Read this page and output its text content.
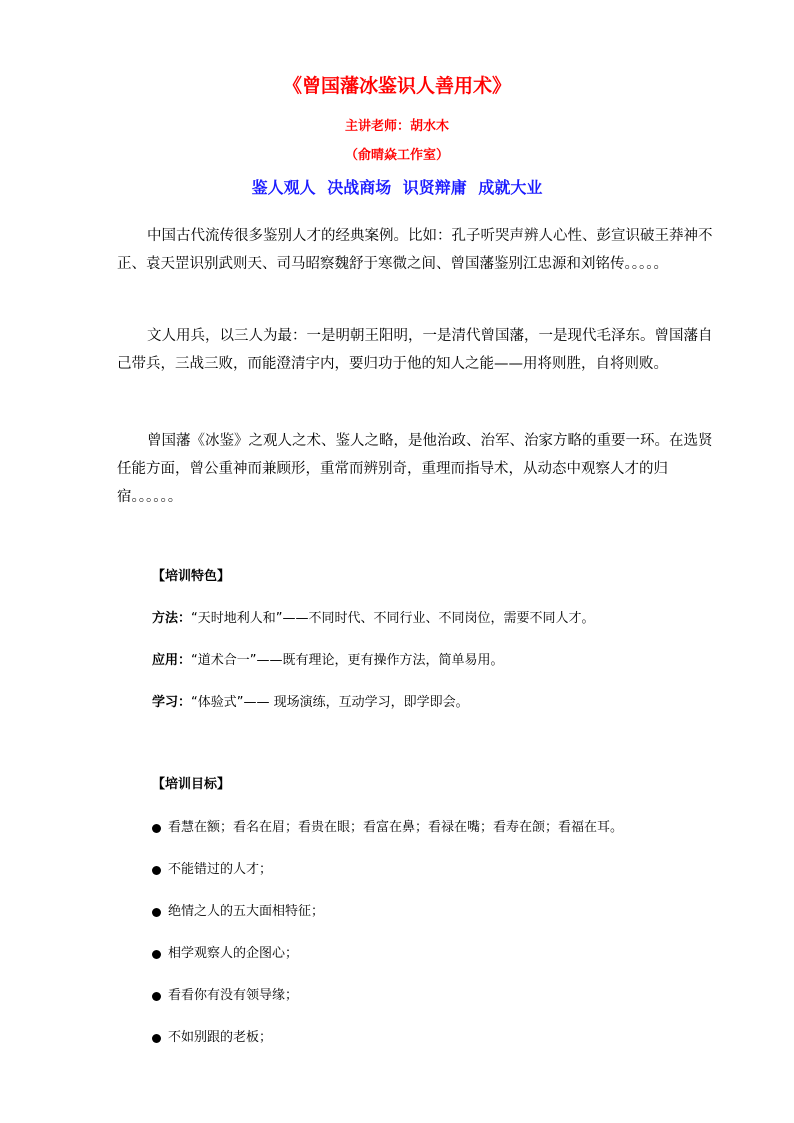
《曾国藩冰鉴识人善用术》
主讲老师：胡水木
（俞晴焱工作室）
鉴人观人 决战商场 识贤辩庸 成就大业

中国古代流传很多鉴别人才的经典案例。比如：孔子听哭声辨人心性、彭宣识破王莽神不正、袁天罡识别武则天、司马昭察魏舒于寒微之间、曾国藩鉴别江忠源和刘铭传。。。。。

文人用兵，以三人为最：一是明朝王阳明，一是清代曾国藩，一是现代毛泽东。曾国藩自己带兵，三战三败，而能澄清宇内，要归功于他的知人之能——用将则胜，自将则败。

曾国藩《冰鉴》之观人之术、鉴人之略，是他治政、治军、治家方略的重要一环。在选贤任能方面，曾公重神而兼顾形，重常而辨别奇，重理而指导术，从动态中观察人才的归宿。。。。。。

【培训特色】
方法：“天时地利人和”——不同时代、不同行业、不同岗位，需要不同人才。
应用：“道术合一”——既有理论，更有操作方法，简单易用。
学习：“体验式”—— 现场演练，互动学习，即学即会。
【培训目标】
看慧在额；看名在眉；看贵在眼；看富在鼻；看禄在嘴；看寿在颌；看福在耳。
不能错过的人才；
绝情之人的五大面相特征；
相学观察人的企图心；
看看你有没有领导缘；
不如别跟的老板；
